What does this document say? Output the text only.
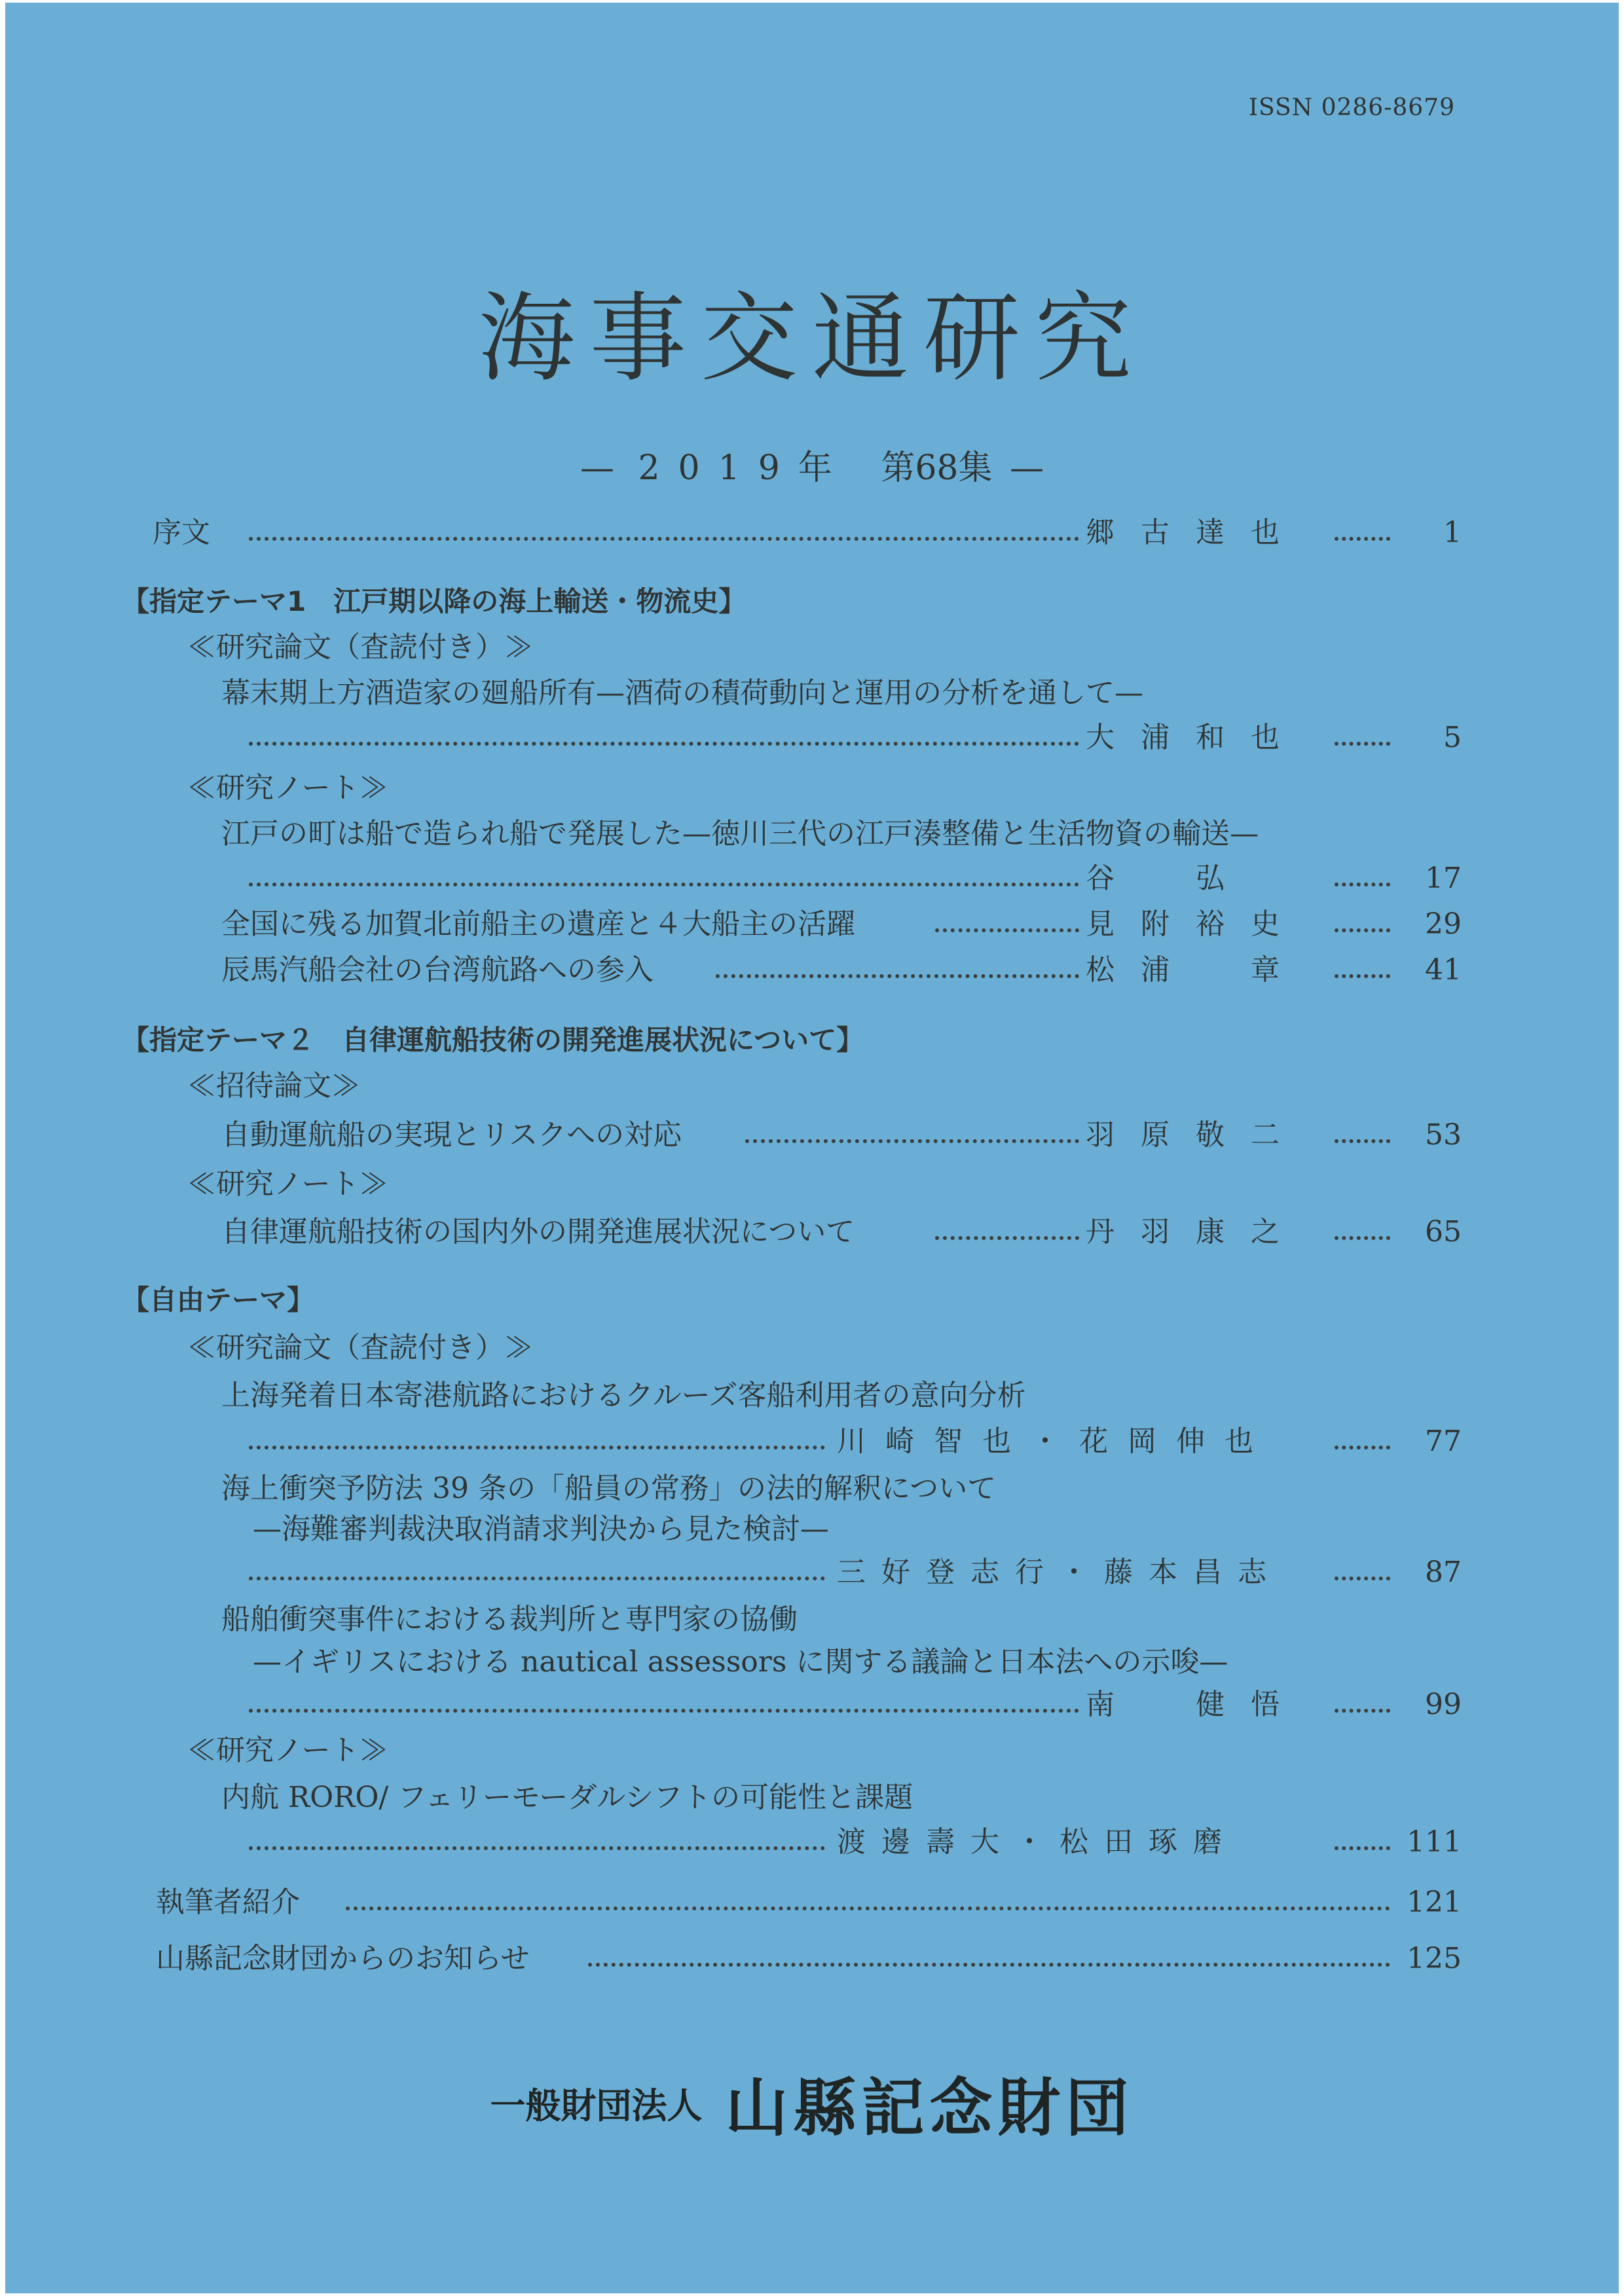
ISSN 0286-8679
海事交通研究
— 2019年 第68集 —
序文	郷古達也	1
【指定テーマ1　江戸期以降の海上輸送・物流史】
≪研究論文（査読付き）≫
幕末期上方酒造家の廻船所有—酒荷の積荷動向と運用の分析を通して—
大浦和也	5
≪研究ノート≫
江戸の町は船で造られ船で発展した—徳川三代の江戸湊整備と生活物資の輸送—
谷　弘	17
全国に残る加賀北前船主の遺産と４大船主の活躍	見附裕史	29
辰馬汽船会社の台湾航路への参入	松浦　章	41
【指定テーマ２　自律運航船技術の開発進展状況について】
≪招待論文≫
自動運航船の実現とリスクへの対応	羽原敬二	53
≪研究ノート≫
自律運航船技術の国内外の開発進展状況について	丹羽康之	65
【自由テーマ】
≪研究論文（査読付き）≫
上海発着日本寄港航路におけるクルーズ客船利用者の意向分析
川崎智也・花岡伸也	77
海上衝突予防法 39 条の「船員の常務」の法的解釈について
—海難審判裁決取消請求判決から見た検討—
三好登志行・藤本昌志	87
船舶衝突事件における裁判所と専門家の協働
—イギリスにおける nautical assessors に関する議論と日本法への示唆—
南　健悟	99
≪研究ノート≫
内航 RORO/ フェリーモーダルシフトの可能性と課題
渡邊壽大・松田琢磨	111
執筆者紹介	121
山縣記念財団からのお知らせ	125
一般財団法人 山縣記念財団
